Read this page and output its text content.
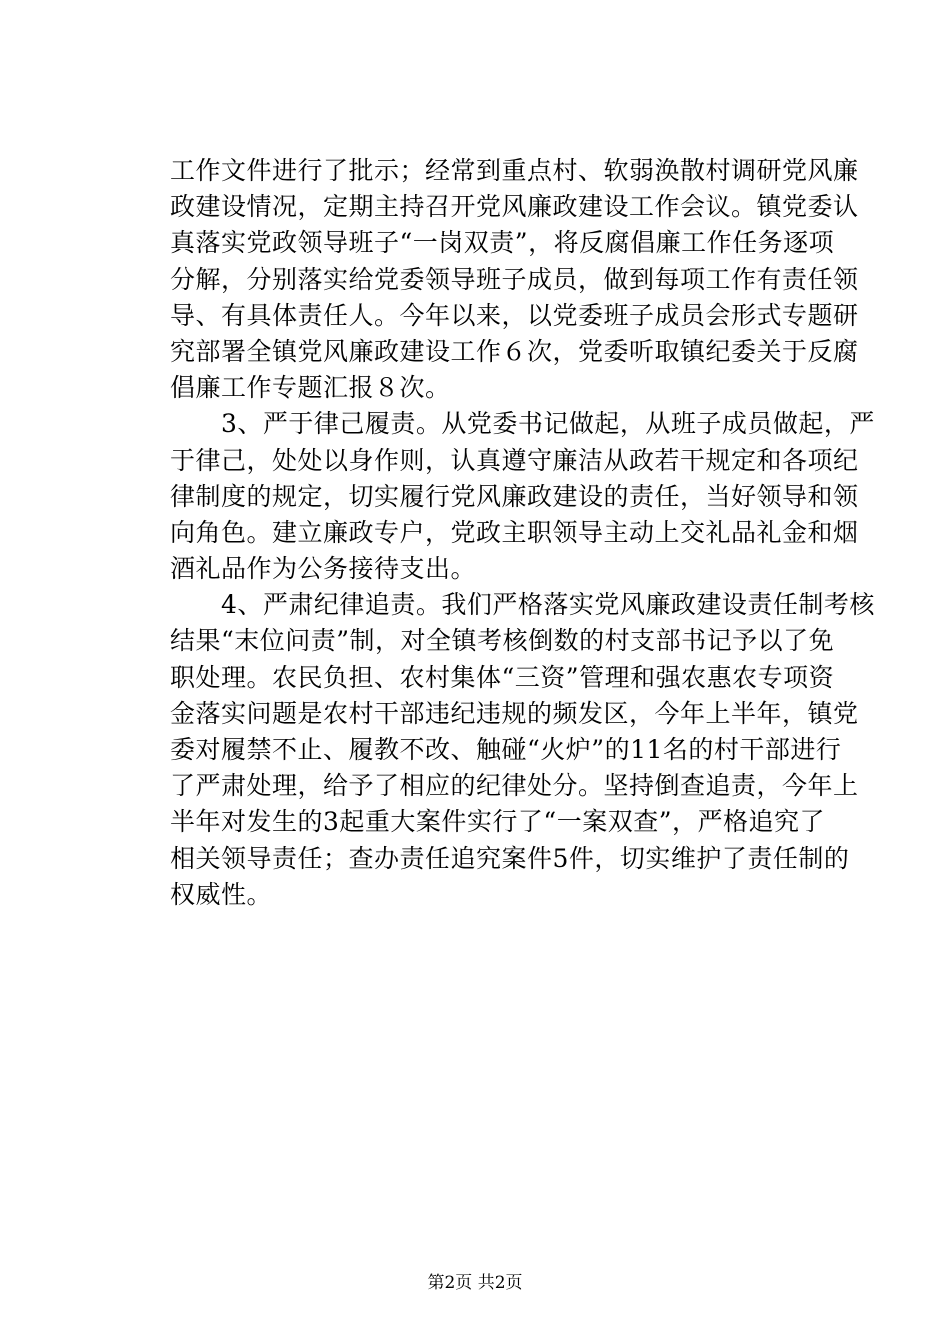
工作文件进行了批示；经常到重点村、软弱涣散村调研党风廉
政建设情况，定期主持召开党风廉政建设工作会议。镇党委认
真落实党政领导班子“一岗双责”，将反腐倡廉工作任务逐项
分解，分别落实给党委领导班子成员，做到每项工作有责任领
导、有具体责任人。今年以来，以党委班子成员会形式专题研
究部署全镇党风廉政建设工作６次，党委听取镇纪委关于反腐
倡廉工作专题汇报８次。
　　3、严于律己履责。从党委书记做起，从班子成员做起，严
于律己，处处以身作则，认真遵守廉洁从政若干规定和各项纪
律制度的规定，切实履行党风廉政建设的责任，当好领导和领
向角色。建立廉政专户，党政主职领导主动上交礼品礼金和烟
酒礼品作为公务接待支出。
　　4、严肃纪律追责。我们严格落实党风廉政建设责任制考核
结果“末位问责”制，对全镇考核倒数的村支部书记予以了免
职处理。农民负担、农村集体“三资”管理和强农惠农专项资
金落实问题是农村干部违纪违规的频发区，今年上半年，镇党
委对履禁不止、履教不改、触碰“火炉”的11名的村干部进行
了严肃处理，给予了相应的纪律处分。坚持倒查追责，今年上
半年对发生的3起重大案件实行了“一案双查”，严格追究了
相关领导责任；查办责任追究案件5件，切实维护了责任制的
权威性。
第2页 共2页
